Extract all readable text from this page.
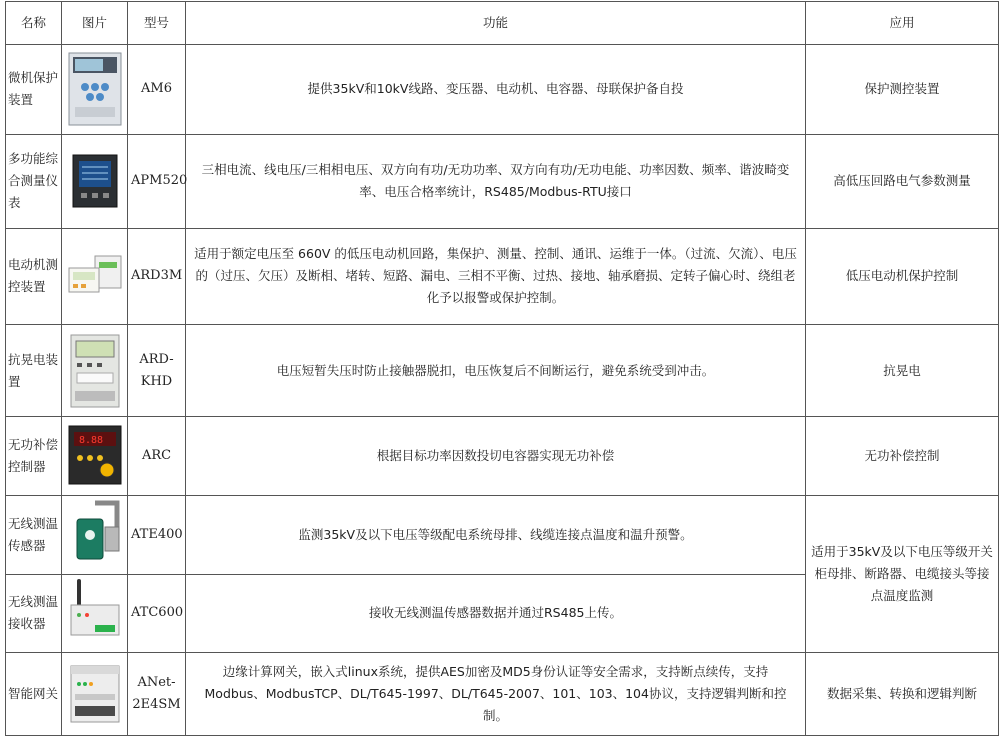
名称	图片	型号	功能	应用
微机保护装置		AM6	提供35kV和10kV线路、变压器、电动机、电容器、母联保护备自投	保护测控装置
多功能综合测量仪表		APM520	三相电流、线电压/三相相电压、双方向有功/无功功率、双方向有功/无功电能、功率因数、频率、谐波畸变率、电压合格率统计，RS485/Modbus-RTU接口	高低压回路电气参数测量
电动机测控装置		ARD3M	适用于额定电压至 660V 的低压电动机回路，集保护、测量、控制、通讯、运维于一体。（过流、欠流）、电压的（过压、欠压）及断相、堵转、短路、漏电、三相不平衡、过热、接地、轴承磨损、定转子偏心时、绕组老化予以报警或保护控制。	低压电动机保护控制
抗晃电装置		ARD-KHD	电压短暂失压时防止接触器脱扣，电压恢复后不间断运行，避免系统受到冲击。	抗晃电
无功补偿控制器	8.88	ARC	根据目标功率因数投切电容器实现无功补偿	无功补偿控制
无线测温传感器		ATE400	监测35kV及以下电压等级配电系统母排、线缆连接点温度和温升预警。	适用于35kV及以下电压等级开关柜母排、断路器、电缆接头等接点温度监测
无线测温接收器		ATC600	接收无线测温传感器数据并通过RS485上传。	
智能网关		ANet-2E4SM	边缘计算网关，嵌入式linux系统，提供AES加密及MD5身份认证等安全需求，支持断点续传，支持Modbus、ModbusTCP、DL/T645-1997、DL/T645-2007、101、103、104协议，支持逻辑判断和控制。	数据采集、转换和逻辑判断
